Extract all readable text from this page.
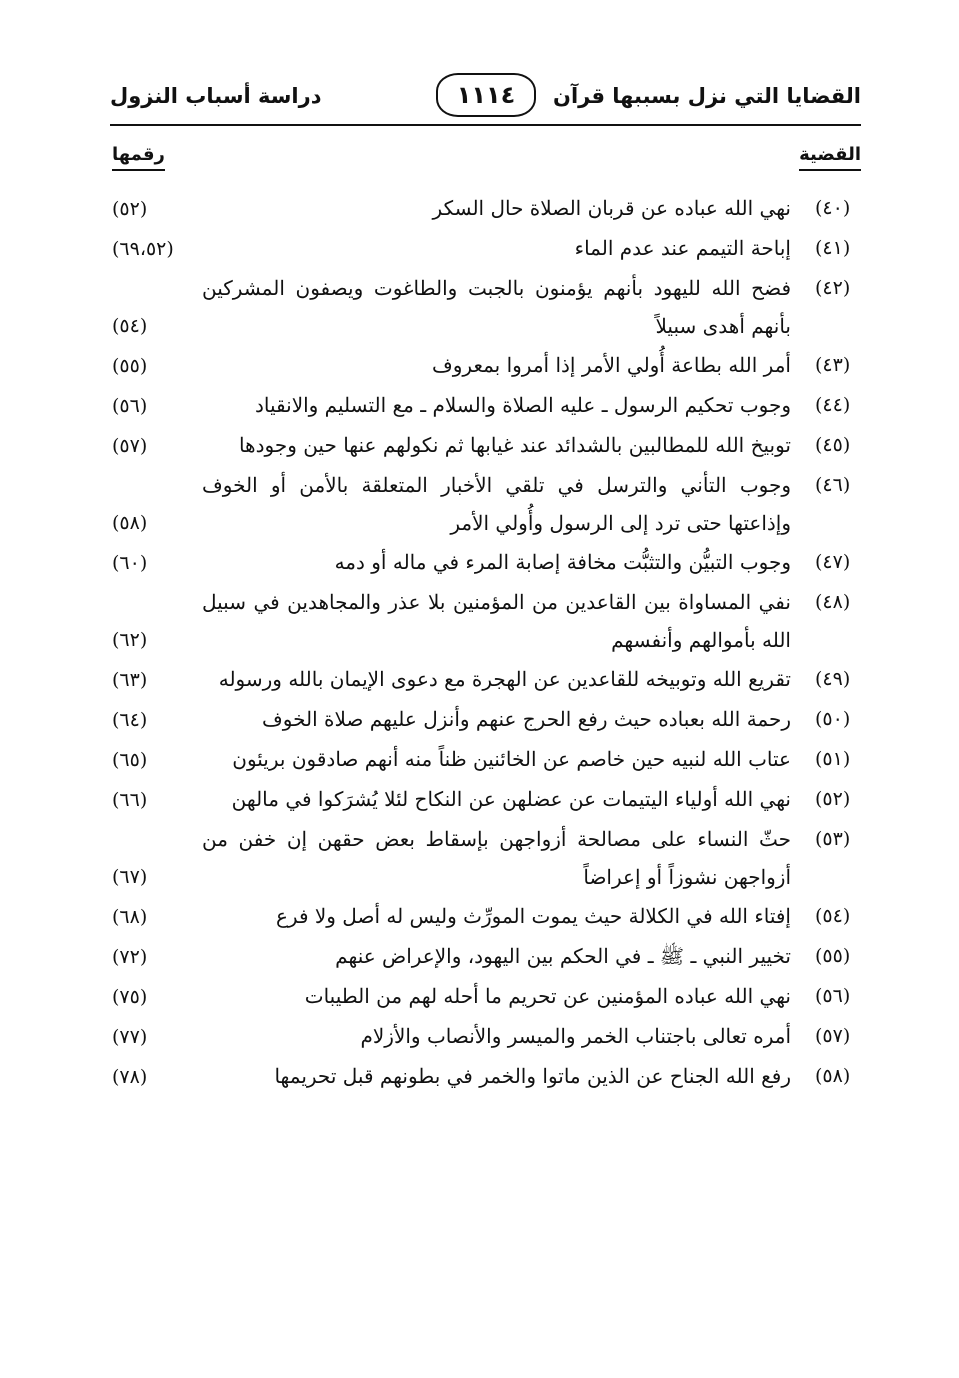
القضايا التي نزل بسببها قرآن
١١١٤
دراسة أسباب النزول
القضية
رقمها
(٤٠)
نهي الله عباده عن قربان الصلاة حال السكر
(٥٢)
(٤١)
إباحة التيمم عند عدم الماء
(٦٩،٥٢)
(٤٢)
فضح الله لليهود بأنهم يؤمنون بالجبت والطاغوت ويصفون المشركين بأنهم أهدى سبيلاً
(٥٤)
(٤٣)
أمر الله بطاعة أُولي الأمر إذا أمروا بمعروف
(٥٥)
(٤٤)
وجوب تحكيم الرسول ـ عليه الصلاة والسلام ـ مع التسليم والانقياد
(٥٦)
(٤٥)
توبيخ الله للمطالبين بالشدائد عند غيابها ثم نكولهم عنها حين وجودها
(٥٧)
(٤٦)
وجوب التأني والترسل في تلقي الأخبار المتعلقة بالأمن أو الخوف وإذاعتها حتى ترد إلى الرسول وأُولي الأمر
(٥٨)
(٤٧)
وجوب التبيُّن والتثبُّت مخافة إصابة المرء في ماله أو دمه
(٦٠)
(٤٨)
نفي المساواة بين القاعدين من المؤمنين بلا عذر والمجاهدين في سبيل الله بأموالهم وأنفسهم
(٦٢)
(٤٩)
تقريع الله وتوبيخه للقاعدين عن الهجرة مع دعوى الإيمان بالله ورسوله
(٦٣)
(٥٠)
رحمة الله بعباده حيث رفع الحرج عنهم وأنزل عليهم صلاة الخوف
(٦٤)
(٥١)
عتاب الله لنبيه حين خاصم عن الخائنين ظناً منه أنهم صادقون بريئون
(٦٥)
(٥٢)
نهي الله أولياء اليتيمات عن عضلهن عن النكاح لئلا يُشرَكوا في مالهن
(٦٦)
(٥٣)
حثّ النساء على مصالحة أزواجهن بإسقاط بعض حقهن إن خفن من أزواجهن نشوزاً أو إعراضاً
(٦٧)
(٥٤)
إفتاء الله في الكلالة حيث يموت المورِّث وليس له أصل ولا فرع
(٦٨)
(٥٥)
تخيير النبي ـ ﷺ ـ في الحكم بين اليهود، والإعراض عنهم
(٧٢)
(٥٦)
نهي الله عباده المؤمنين عن تحريم ما أحله لهم من الطيبات
(٧٥)
(٥٧)
أمره تعالى باجتناب الخمر والميسر والأنصاب والأزلام
(٧٧)
(٥٨)
رفع الله الجناح عن الذين ماتوا والخمر في بطونهم قبل تحريمها
(٧٨)
